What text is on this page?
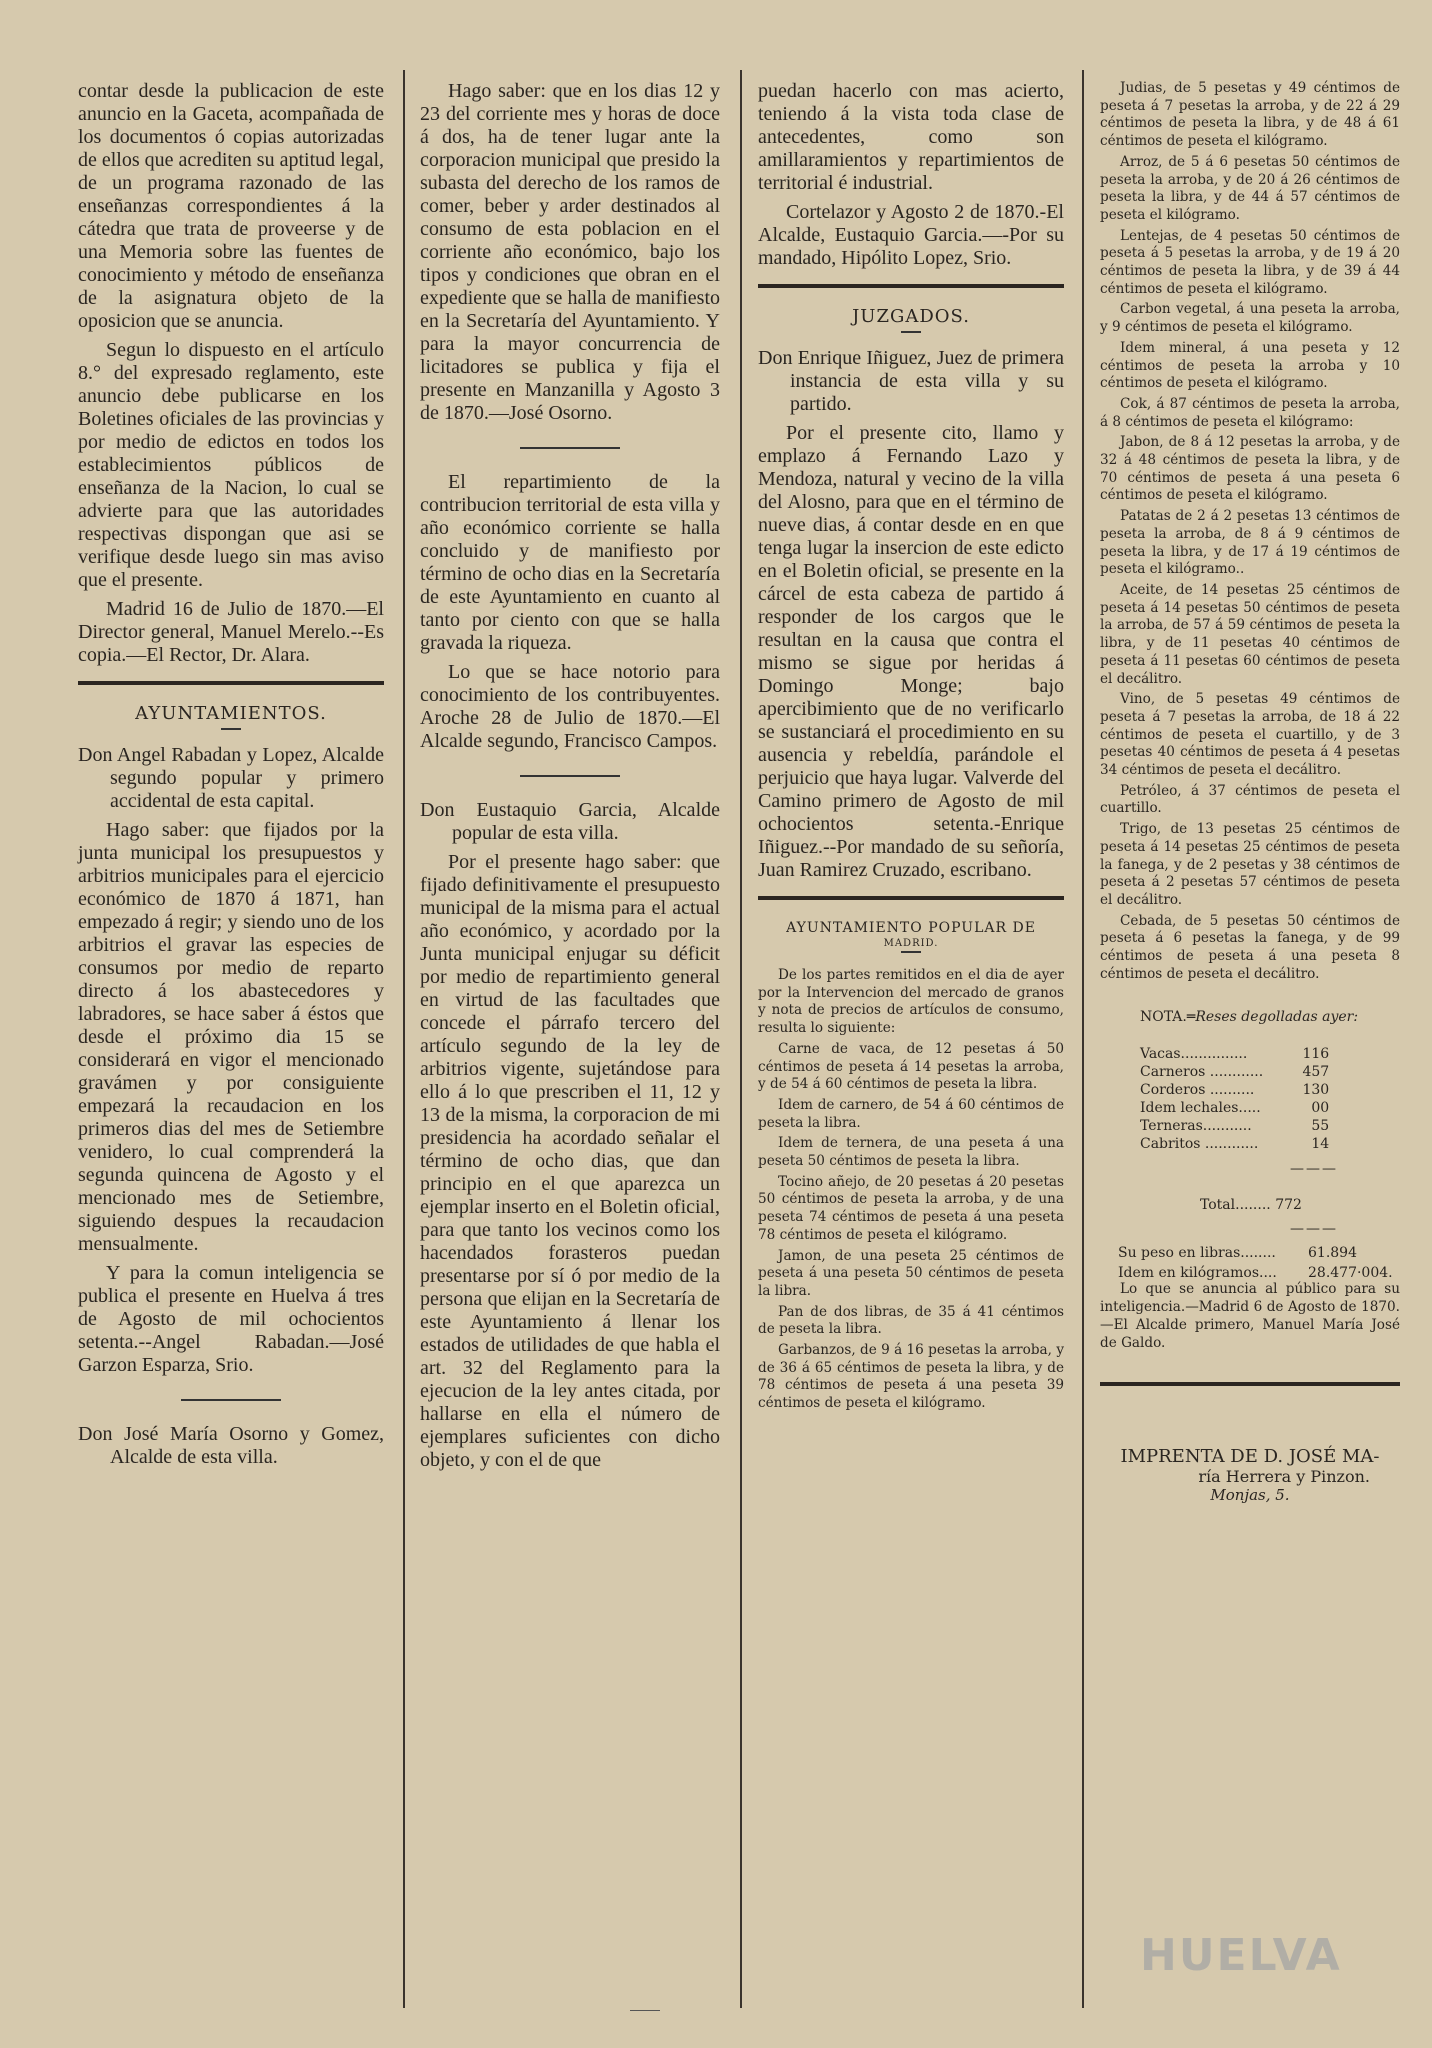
contar desde la publicacion de este anuncio en la Gaceta, acompañada de los documentos ó copias autorizadas de ellos que acrediten su aptitud legal, de un programa razonado de las enseñanzas correspondientes á la cátedra que trata de proveerse y de una Memoria sobre las fuentes de conocimiento y método de enseñanza de la asignatura objeto de la oposicion que se anuncia.

Segun lo dispuesto en el artículo 8.° del expresado reglamento, este anuncio debe publicarse en los Boletines oficiales de las provincias y por medio de edictos en todos los establecimientos públicos de enseñanza de la Nacion, lo cual se advierte para que las autoridades respectivas dispongan que asi se verifique desde luego sin mas aviso que el presente.

Madrid 16 de Julio de 1870.—El Director general, Manuel Merelo.--Es copia.—El Rector, Dr. Alara.

AYUNTAMIENTOS.

Don Angel Rabadan y Lopez, Alcalde segundo popular y primero accidental de esta capital.

Hago saber: que fijados por la junta municipal los presupuestos y arbitrios municipales para el ejercicio económico de 1870 á 1871, han empezado á regir; y siendo uno de los arbitrios el gravar las especies de consumos por medio de reparto directo á los abastecedores y labradores, se hace saber á éstos que desde el próximo dia 15 se considerará en vigor el mencionado gravámen y por consiguiente empezará la recaudacion en los primeros dias del mes de Setiembre venidero, lo cual comprenderá la segunda quincena de Agosto y el mencionado mes de Setiembre, siguiendo despues la recaudacion mensualmente.

Y para la comun inteligencia se publica el presente en Huelva á tres de Agosto de mil ochocientos setenta.--Angel Rabadan.—José Garzon Esparza, Srio.

Don José María Osorno y Gomez, Alcalde de esta villa.

Hago saber: que en los dias 12 y 23 del corriente mes y horas de doce á dos, ha de tener lugar ante la corporacion municipal que presido la subasta del derecho de los ramos de comer, beber y arder destinados al consumo de esta poblacion en el corriente año económico, bajo los tipos y condiciones que obran en el expediente que se halla de manifiesto en la Secretaría del Ayuntamiento. Y para la mayor concurrencia de licitadores se publica y fija el presente en Manzanilla y Agosto 3 de 1870.—José Osorno.

El repartimiento de la contribucion territorial de esta villa y año económico corriente se halla concluido y de manifiesto por término de ocho dias en la Secretaría de este Ayuntamiento en cuanto al tanto por ciento con que se halla gravada la riqueza.

Lo que se hace notorio para conocimiento de los contribuyentes. Aroche 28 de Julio de 1870.—El Alcalde segundo, Francisco Campos.

Don Eustaquio Garcia, Alcalde popular de esta villa.

Por el presente hago saber: que fijado definitivamente el presupuesto municipal de la misma para el actual año económico, y acordado por la Junta municipal enjugar su déficit por medio de repartimiento general en virtud de las facultades que concede el párrafo tercero del artículo segundo de la ley de arbitrios vigente, sujetándose para ello á lo que prescriben el 11, 12 y 13 de la misma, la corporacion de mi presidencia ha acordado señalar el término de ocho dias, que dan principio en el que aparezca un ejemplar inserto en el Boletin oficial, para que tanto los vecinos como los hacendados forasteros puedan presentarse por sí ó por medio de la persona que elijan en la Secretaría de este Ayuntamiento á llenar los estados de utilidades de que habla el art. 32 del Reglamento para la ejecucion de la ley antes citada, por hallarse en ella el número de ejemplares suficientes con dicho objeto, y con el de que

puedan hacerlo con mas acierto, teniendo á la vista toda clase de antecedentes, como son amillaramientos y repartimientos de territorial é industrial.

Cortelazor y Agosto 2 de 1870.-El Alcalde, Eustaquio Garcia.—-Por su mandado, Hipólito Lopez, Srio.

JUZGADOS.

Don Enrique Iñiguez, Juez de primera instancia de esta villa y su partido.

Por el presente cito, llamo y emplazo á Fernando Lazo y Mendoza, natural y vecino de la villa del Alosno, para que en el término de nueve dias, á contar desde en en que tenga lugar la insercion de este edicto en el Boletin oficial, se presente en la cárcel de esta cabeza de partido á responder de los cargos que le resultan en la causa que contra el mismo se sigue por heridas á Domingo Monge; bajo apercibimiento que de no verificarlo se sustanciará el procedimiento en su ausencia y rebeldía, parándole el perjuicio que haya lugar. Valverde del Camino primero de Agosto de mil ochocientos setenta.-Enrique Iñiguez.--Por mandado de su señoría, Juan Ramirez Cruzado, escribano.

AYUNTAMIENTO POPULAR DE
MADRID.

De los partes remitidos en el dia de ayer por la Intervencion del mercado de granos y nota de precios de artículos de consumo, resulta lo siguiente:

Carne de vaca, de 12 pesetas á 50 céntimos de peseta á 14 pesetas la arroba, y de 54 á 60 céntimos de peseta la libra.

Idem de carnero, de 54 á 60 céntimos de peseta la libra.

Idem de ternera, de una peseta á una peseta 50 céntimos de peseta la libra.

Tocino añejo, de 20 pesetas á 20 pesetas 50 céntimos de peseta la arroba, y de una peseta 74 céntimos de peseta á una peseta 78 céntimos de peseta el kilógramo.

Jamon, de una peseta 25 céntimos de peseta á una peseta 50 céntimos de peseta la libra.

Pan de dos libras, de 35 á 41 céntimos de peseta la libra.

Garbanzos, de 9 á 16 pesetas la arroba, y de 36 á 65 céntimos de peseta la libra, y de 78 céntimos de peseta á una peseta 39 céntimos de peseta el kilógramo.

Judias, de 5 pesetas y 49 céntimos de peseta á 7 pesetas la arroba, y de 22 á 29 céntimos de peseta la libra, y de 48 á 61 céntimos de peseta el kilógramo.

Arroz, de 5 á 6 pesetas 50 céntimos de peseta la arroba, y de 20 á 26 céntimos de peseta la libra, y de 44 á 57 céntimos de peseta el kilógramo.

Lentejas, de 4 pesetas 50 céntimos de peseta á 5 pesetas la arroba, y de 19 á 20 céntimos de peseta la libra, y de 39 á 44 céntimos de peseta el kilógramo.

Carbon vegetal, á una peseta la arroba, y 9 céntimos de peseta el kilógramo.

Idem mineral, á una peseta y 12 céntimos de peseta la arroba y 10 céntimos de peseta el kilógramo.

Cok, á 87 céntimos de peseta la arroba, á 8 céntimos de peseta el kilógramo:

Jabon, de 8 á 12 pesetas la arroba, y de 32 á 48 céntimos de peseta la libra, y de 70 céntimos de peseta á una peseta 6 céntimos de peseta el kilógramo.

Patatas de 2 á 2 pesetas 13 céntimos de peseta la arroba, de 8 á 9 céntimos de peseta la libra, y de 17 á 19 céntimos de peseta el kilógramo..

Aceite, de 14 pesetas 25 céntimos de peseta á 14 pesetas 50 céntimos de peseta la arroba, de 57 á 59 céntimos de peseta la libra, y de 11 pesetas 40 céntimos de peseta á 11 pesetas 60 céntimos de peseta el decálitro.

Vino, de 5 pesetas 49 céntimos de peseta á 7 pesetas la arroba, de 18 á 22 céntimos de peseta el cuartillo, y de 3 pesetas 40 céntimos de peseta á 4 pesetas 34 céntimos de peseta el decálitro.

Petróleo, á 37 céntimos de peseta el cuartillo.

Trigo, de 13 pesetas 25 céntimos de peseta á 14 pesetas 25 céntimos de peseta la fanega, y de 2 pesetas y 38 céntimos de peseta á 2 pesetas 57 céntimos de peseta el decálitro.

Cebada, de 5 pesetas 50 céntimos de peseta á 6 pesetas la fanega, y de 99 céntimos de peseta á una peseta 8 céntimos de peseta el decálitro.

NOTA.═Reses degolladas ayer:
Vacas...............	116
Carneros ............	457
Corderos ..........	130
Idem lechales.....	00
Terneras...........	55
Cabritos ............	14
———
Total........ 772
———
Su peso en libras........ 61.894
Idem en kilógramos.... 28.477·004.

Lo que se anuncia al público para su inteligencia.—Madrid 6 de Agosto de 1870.—El Alcalde primero, Manuel María José de Galdo.

IMPRENTA DE D. JOSÉ MA-
ría Herrera y Pinzon.
Monjas, 5.
HUELVA
